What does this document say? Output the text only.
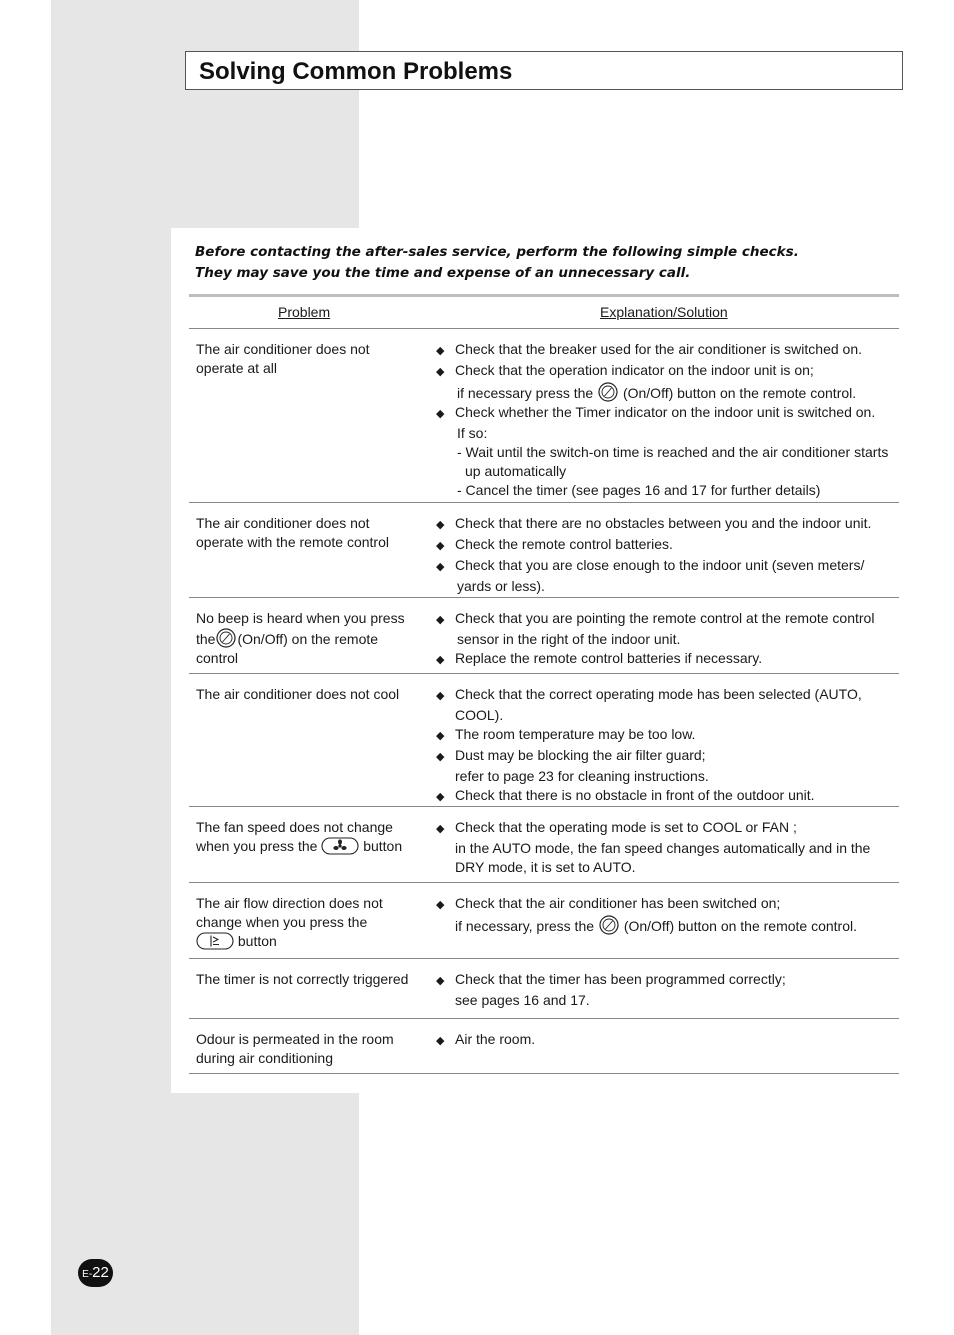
Solving Common Problems
Before contacting the after-sales service, perform the following simple checks.
They may save you the time and expense of an unnecessary call.
Problem	Explanation/Solution
The air conditioner does not
operate at all
◆ Check that the breaker used for the air conditioner is switched on.
◆ Check that the operation indicator on the indoor unit is on;
if necessary press the (On/Off) button on the remote control.
◆ Check whether the Timer indicator on the indoor unit is switched on.
If so:
- Wait until the switch-on time is reached and the air conditioner starts
up automatically
- Cancel the timer (see pages 16 and 17 for further details)
The air conditioner does not
operate with the remote control
◆ Check that there are no obstacles between you and the indoor unit.
◆ Check the remote control batteries.
◆ Check that you are close enough to the indoor unit (seven meters/
yards or less).
No beep is heard when you press
the (On/Off) on the remote
control
◆ Check that you are pointing the remote control at the remote control
sensor in the right of the indoor unit.
◆ Replace the remote control batteries if necessary.
The air conditioner does not cool	◆ Check that the correct operating mode has been selected (AUTO,
COOL).
◆ The room temperature may be too low.
◆ Dust may be blocking the air filter guard;
refer to page 23 for cleaning instructions.
◆ Check that there is no obstacle in front of the outdoor unit.
The fan speed does not change
when you press the	button
◆ Check that the operating mode is set to COOL or FAN ;
in the AUTO mode, the fan speed changes automatically and in the
DRY mode, it is set to AUTO.
The air flow direction does not
change when you press the
button
◆ Check that the air conditioner has been switched on;
if necessary, press the (On/Off) button on the remote control.
The timer is not correctly triggered	◆ Check that the timer has been programmed correctly;
see pages 16 and 17.
Odour is permeated in the room
during air conditioning
◆ Air the room.
E-22
